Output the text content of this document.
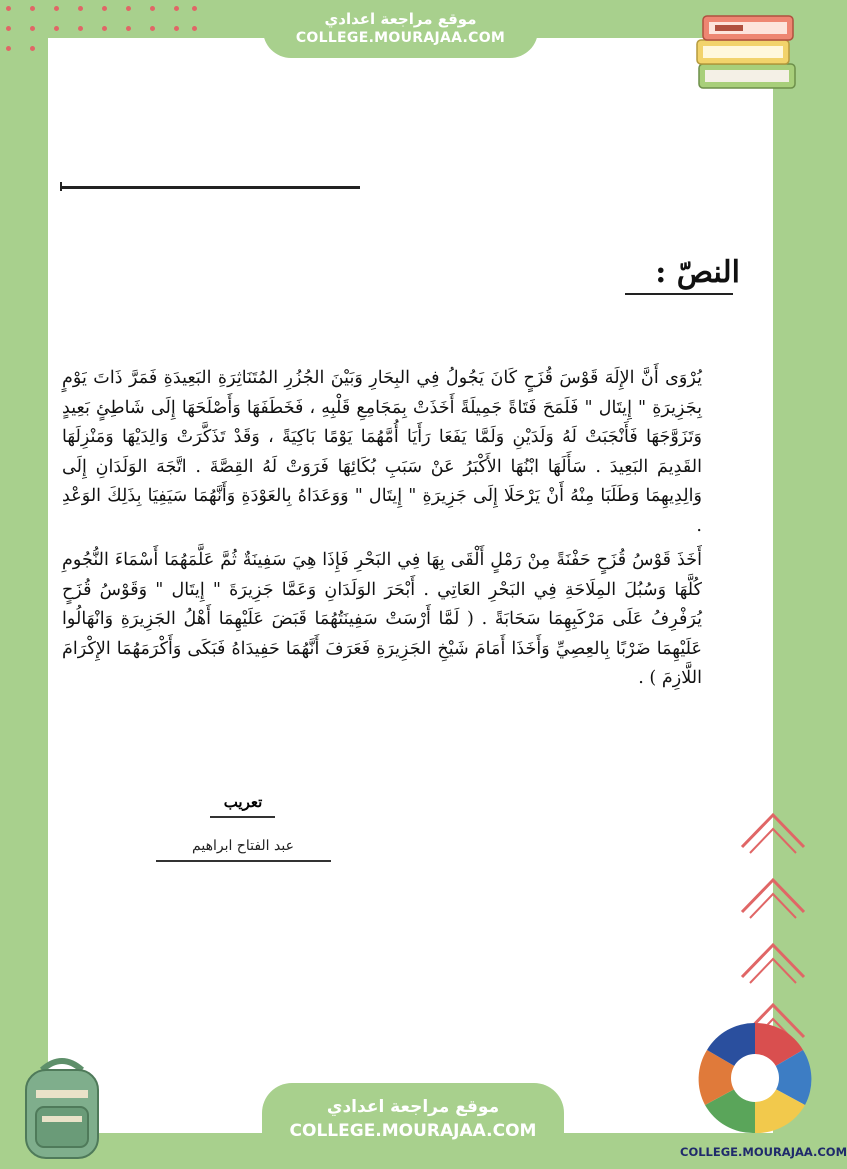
موقع مراجعة اعدادي
COLLEGE.MOURAJAA.COM
النصّ :
يُرْوَى أَنَّ الإِلَهَ قَوْسَ قُزَحٍ كَانَ يَجُولُ فِي البِحَارِ وَبَيْنَ الجُزُرِ المُتَنَاثِرَةِ البَعِيدَةِ فَمَرَّ ذَاتَ يَوْمٍ بِجَزِيرَةِ " إِيتَال " فَلَمَحَ فَتَاةً جَمِيلَةً أَخَذَتْ بِمَجَامِعِ قَلْبِهِ ، فَخَطَفَهَا وَأَصْلَحَهَا إِلَى شَاطِئٍ بَعِيدٍ وَتَزَوَّجَهَا فَأَنْجَبَتْ لَهُ وَلَدَيْنِ وَلَمَّا يَفَعَا رَأَيَا أُمَّهُمَا يَوْمًا بَاكِيَةً ، وَقَدْ تَذَكَّرَتْ وَالِدَيْهَا وَمَنْزِلَهَا القَدِيمَ البَعِيدَ . سَأَلَهَا ابْنُهَا الأَكْبَرُ عَنْ سَبَبِ بُكَائِهَا فَرَوَتْ لَهُ القِصَّةَ . اتَّجَهَ الوَلَدَانِ إِلَى وَالِدِيهِمَا وَطَلَبَا مِنْهُ أَنْ يَرْحَلَا إِلَى جَزِيرَةِ " إِيتَال " وَوَعَدَاهُ بِالعَوْدَةِ وَأَنَّهُمَا سَيَفِيَا بِذَلِكَ الوَعْدِ .
أَخَذَ قَوْسُ قُزَحٍ حَفْنَةً مِنْ رَمْلٍ أَلْقَى بِهَا فِي البَحْرِ فَإِذَا هِيَ سَفِينَةٌ ثُمَّ عَلَّمَهُمَا أَسْمَاءَ النُّجُومِ كُلَّهَا وَسُبُلَ المِلَاحَةِ فِي البَحْرِ العَاتِي . أَبْحَرَ الوَلَدَانِ وَعَمَّا جَزِيرَةَ " إِيتَال " وَقَوْسُ قُزَحٍ يُرَفْرِفُ عَلَى مَرْكَبِهِمَا سَحَابَةً . ( لَمَّا أَرْسَتْ سَفِينَتُهُمَا قَبَضَ عَلَيْهِمَا أَهْلُ الجَزِيرَةِ وَانْهَالُوا عَلَيْهِمَا ضَرْبًا بِالعِصِيِّ وَأَخَذَا أَمَامَ شَيْخِ الجَزِيرَةِ فَعَرَفَ أَنَّهُمَا حَفِيدَاهُ فَبَكَى وَأَكْرَمَهُمَا الإِكْرَامَ اللَّازِمَ ) .
تعريب
عبد الفتاح ابراهيم
موقع مراجعة اعدادي
COLLEGE.MOURAJAA.COM
COLLEGE.MOURAJAA.COM
